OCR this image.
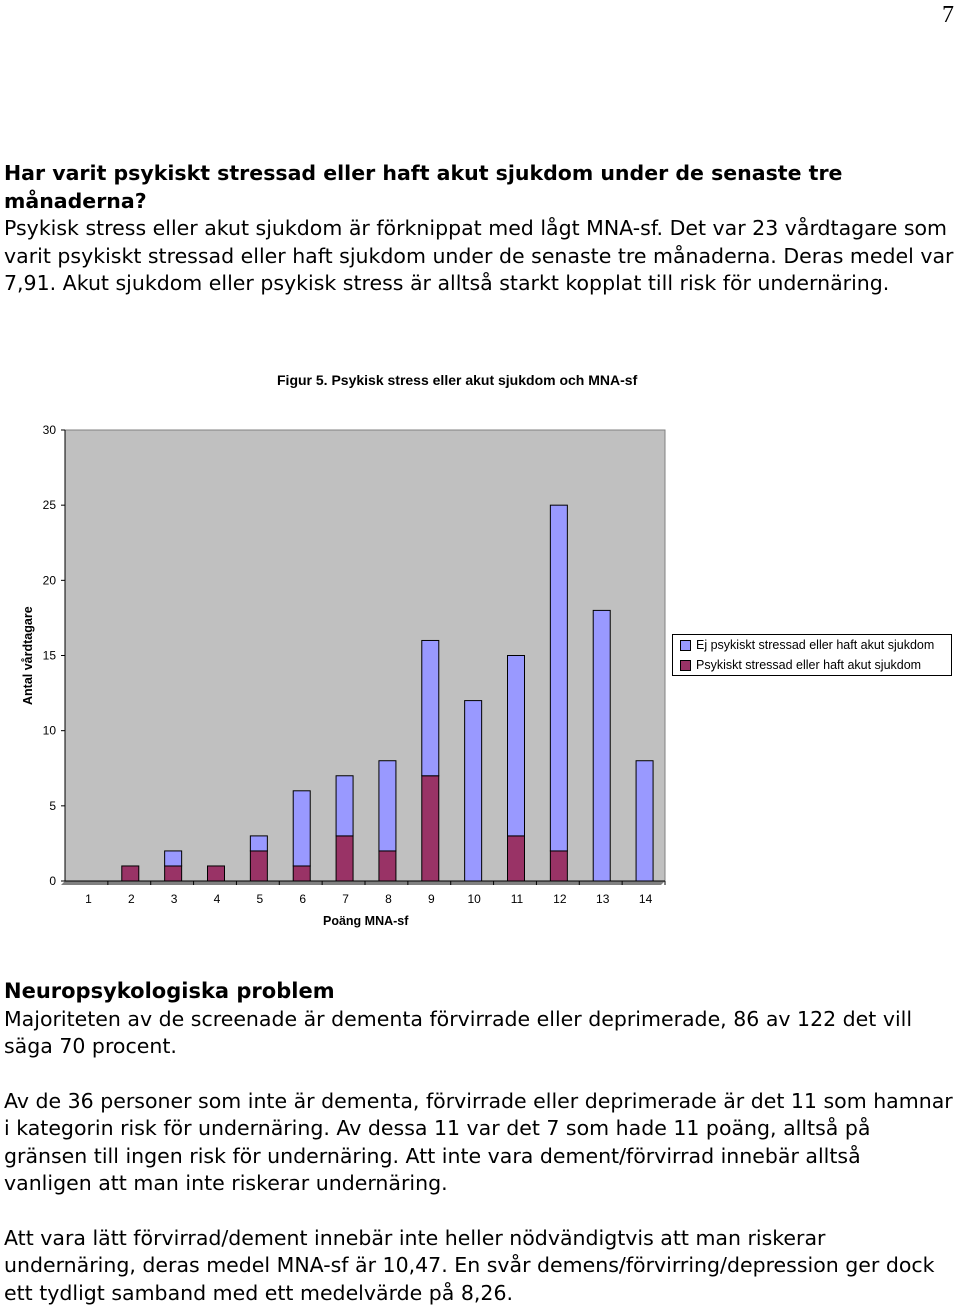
7

Har varit psykiskt stressad eller haft akut sjukdom under de senaste tre månaderna?

Psykisk stress eller akut sjukdom är förknippat med lågt MNA-sf. Det var 23 vårdtagare som varit psykiskt stressad eller haft sjukdom under de senaste tre månaderna. Deras medel var 7,91. Akut sjukdom eller psykisk stress är alltså starkt kopplat till risk för undernäring.

Figur 5. Psykisk stress eller akut sjukdom och MNA-sf
0
5
10
15
20
25
30
1	2	3	4	5	6	7	8	9	10 11 12 13 14
Antal vårdtagare
Poäng MNA-sf
Ej psykiskt stressad eller haft akut sjukdom
Psykiskt stressad eller haft akut sjukdom

Neuropsykologiska problem

Majoriteten av de screenade är dementa förvirrade eller deprimerade, 86 av 122 det vill säga 70 procent.

Av de 36 personer som inte är dementa, förvirrade eller deprimerade är det 11 som hamnar i kategorin risk för undernäring. Av dessa 11 var det 7 som hade 11 poäng, alltså på gränsen till ingen risk för undernäring. Att inte vara dement/förvirrad innebär alltså vanligen att man inte riskerar undernäring.

Att vara lätt förvirrad/dement innebär inte heller nödvändigtvis att man riskerar undernäring, deras medel MNA-sf är 10,47. En svår demens/förvirring/depression ger dock ett tydligt samband med ett medelvärde på 8,26.
